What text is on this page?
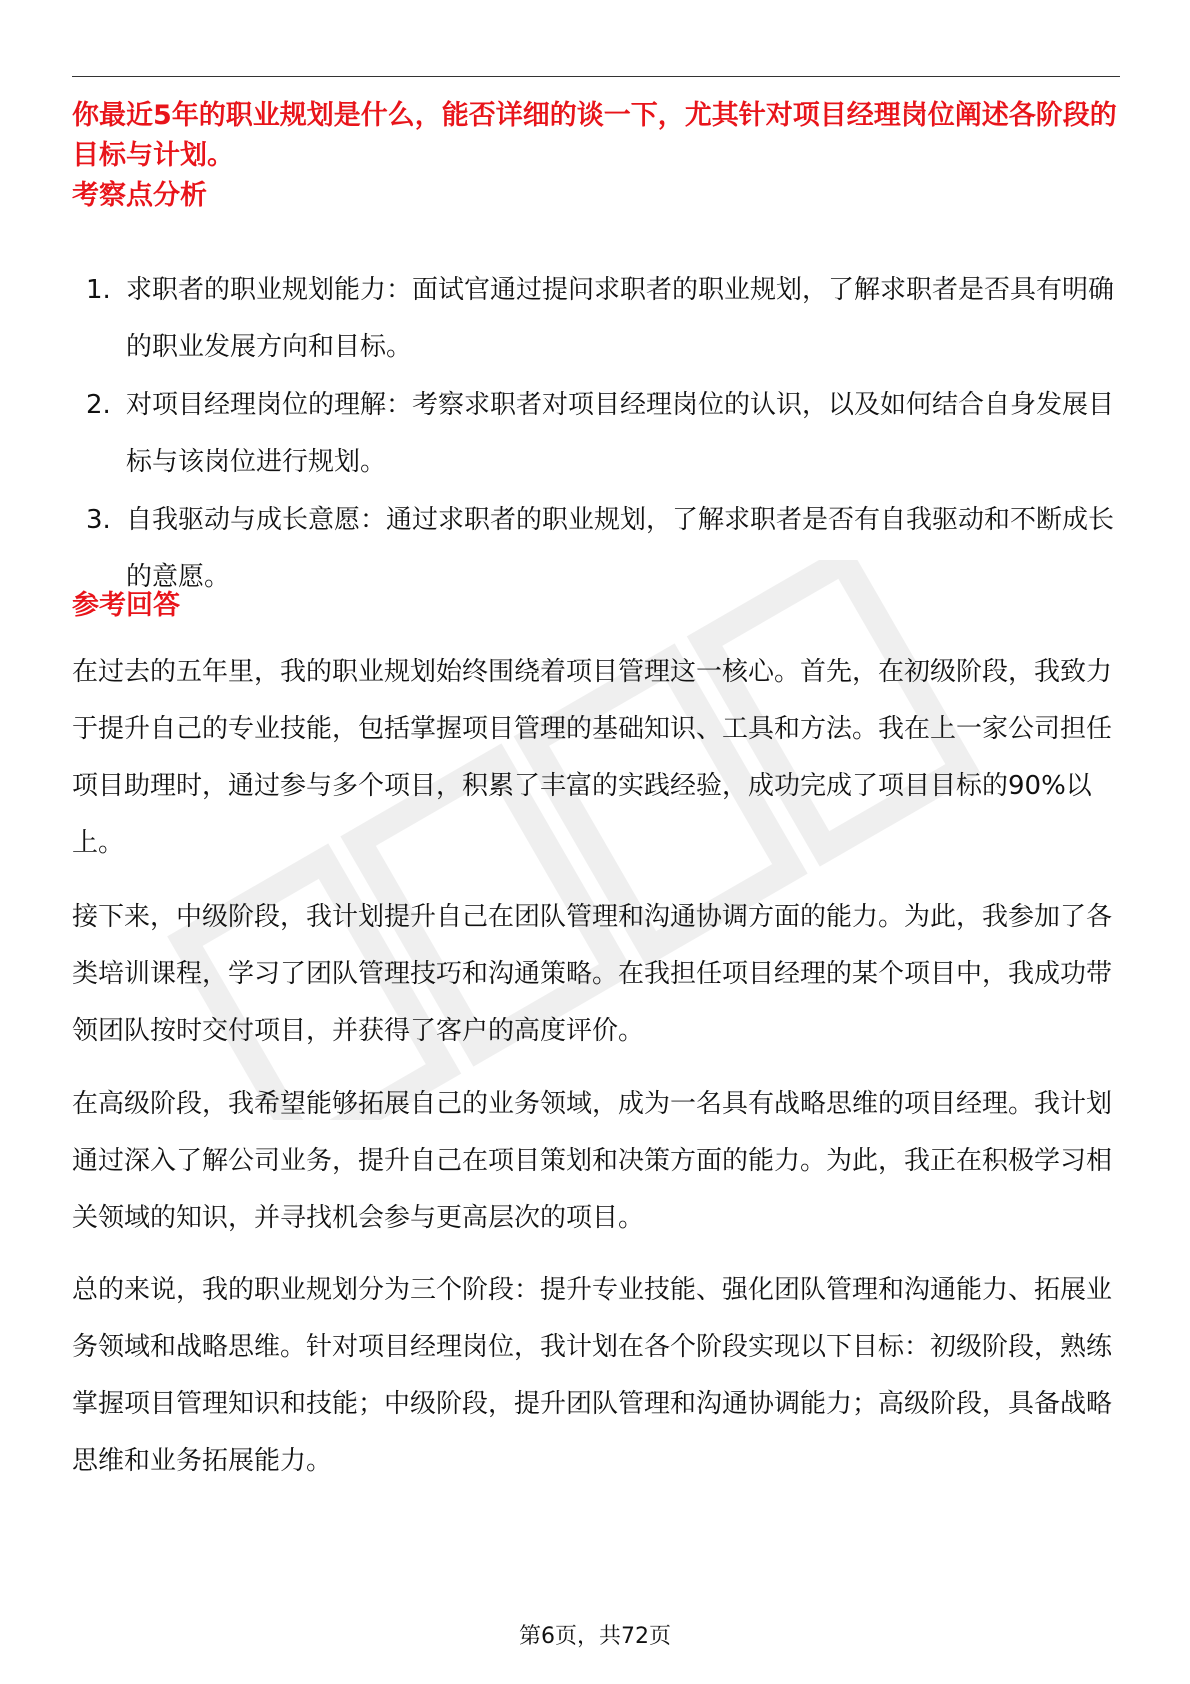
你最近5年的职业规划是什么，能否详细的谈一下，尤其针对项目经理岗位阐述各阶段的目标与计划。

考察点分析
1. 求职者的职业规划能力：面试官通过提问求职者的职业规划，了解求职者是否具有明确的职业发展方向和目标。
2. 对项目经理岗位的理解：考察求职者对项目经理岗位的认识，以及如何结合自身发展目标与该岗位进行规划。
3. 自我驱动与成长意愿：通过求职者的职业规划，了解求职者是否有自我驱动和不断成长的意愿。
参考回答

在过去的五年里，我的职业规划始终围绕着项目管理这一核心。首先，在初级阶段，我致力于提升自己的专业技能，包括掌握项目管理的基础知识、工具和方法。我在上一家公司担任项目助理时，通过参与多个项目，积累了丰富的实践经验，成功完成了项目目标的90%以上。

接下来，中级阶段，我计划提升自己在团队管理和沟通协调方面的能力。为此，我参加了各类培训课程，学习了团队管理技巧和沟通策略。在我担任项目经理的某个项目中，我成功带领团队按时交付项目，并获得了客户的高度评价。

在高级阶段，我希望能够拓展自己的业务领域，成为一名具有战略思维的项目经理。我计划通过深入了解公司业务，提升自己在项目策划和决策方面的能力。为此，我正在积极学习相关领域的知识，并寻找机会参与更高层次的项目。

总的来说，我的职业规划分为三个阶段：提升专业技能、强化团队管理和沟通能力、拓展业务领域和战略思维。针对项目经理岗位，我计划在各个阶段实现以下目标：初级阶段，熟练掌握项目管理知识和技能；中级阶段，提升团队管理和沟通协调能力；高级阶段，具备战略思维和业务拓展能力。

第6页，共72页
